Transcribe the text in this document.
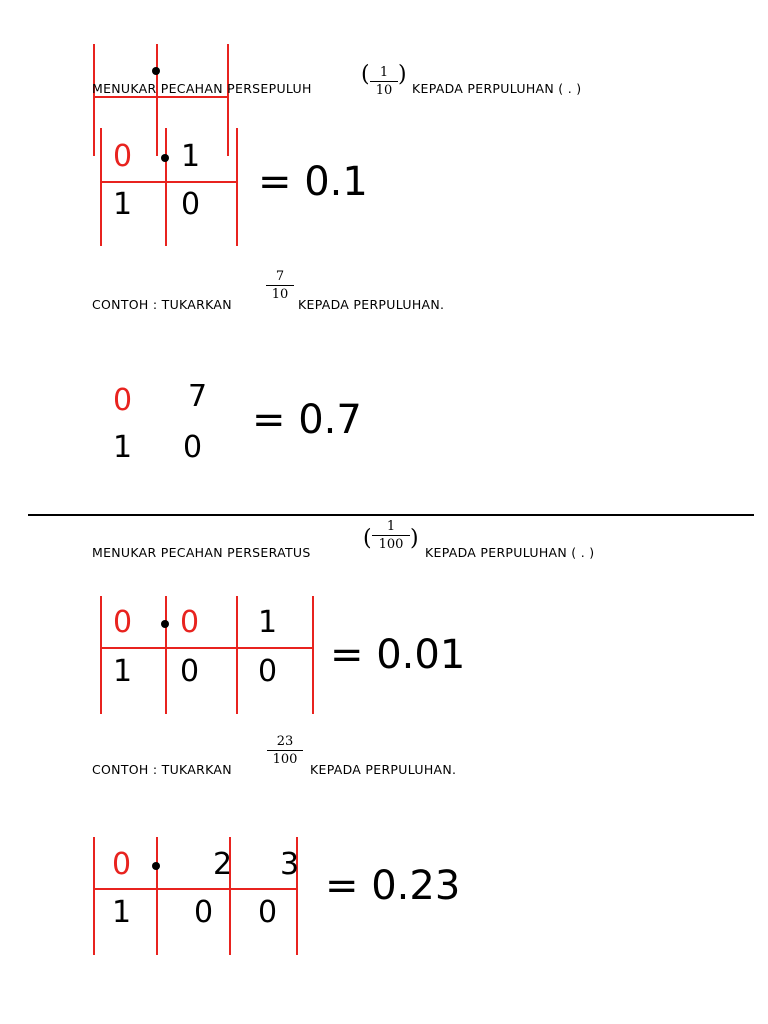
MENUKAR PECAHAN PERSEPULUH
( 1
10
)
KEPADA PERPULUHAN ( . )
0 1
1 0 = 0.1
CONTOH : TUKARKAN
7
10
KEPADA PERPULUHAN.
0 7
1 0
= 0.7
MENUKAR PECAHAN PERSERATUS
(	1
100 )
KEPADA PERPULUHAN ( . )
0 0 1
1 0 0 = 0.01
CONTOH : TUKARKAN
23
100
KEPADA PERPULUHAN.
0	2 3
1 0 0
= 0.23
